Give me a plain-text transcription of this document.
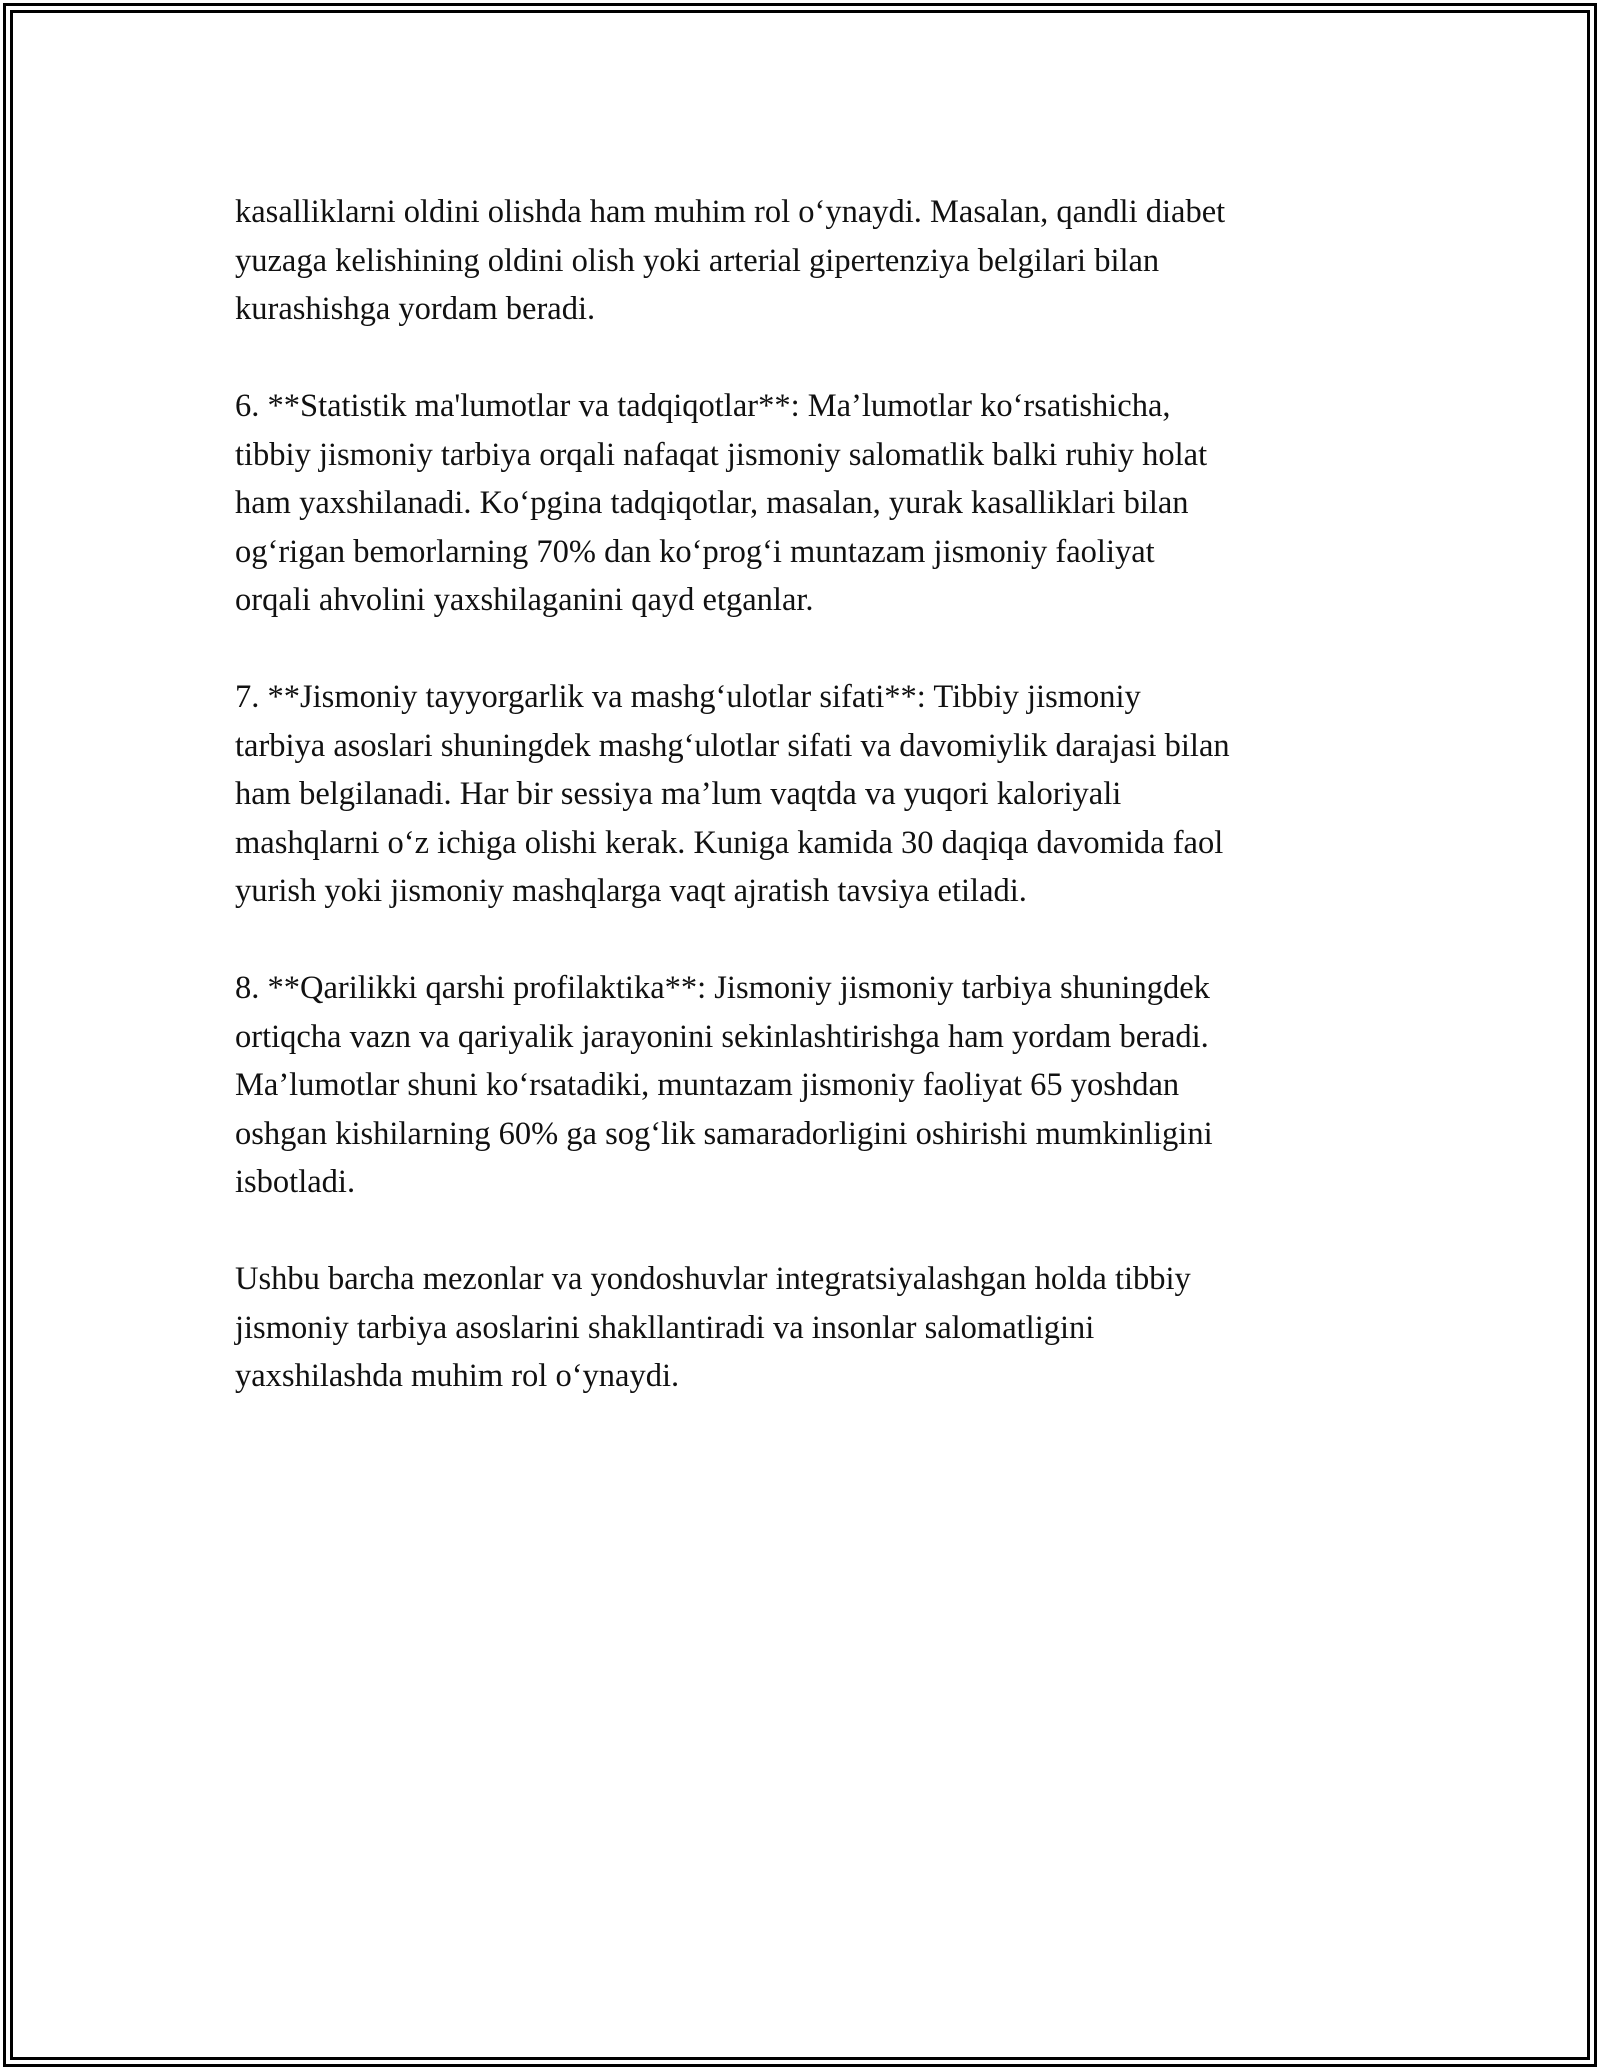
kasalliklarni oldini olishda ham muhim rol o‘ynaydi. Masalan, qandli diabet
yuzaga kelishining oldini olish yoki arterial gipertenziya belgilari bilan
kurashishga yordam beradi.

6. **Statistik ma'lumotlar va tadqiqotlar**: Ma’lumotlar ko‘rsatishicha,
tibbiy jismoniy tarbiya orqali nafaqat jismoniy salomatlik balki ruhiy holat
ham yaxshilanadi. Ko‘pgina tadqiqotlar, masalan, yurak kasalliklari bilan
og‘rigan bemorlarning 70% dan ko‘prog‘i muntazam jismoniy faoliyat
orqali ahvolini yaxshilaganini qayd etganlar.

7. **Jismoniy tayyorgarlik va mashg‘ulotlar sifati**: Tibbiy jismoniy
tarbiya asoslari shuningdek mashg‘ulotlar sifati va davomiylik darajasi bilan
ham belgilanadi. Har bir sessiya ma’lum vaqtda va yuqori kaloriyali
mashqlarni o‘z ichiga olishi kerak. Kuniga kamida 30 daqiqa davomida faol
yurish yoki jismoniy mashqlarga vaqt ajratish tavsiya etiladi.

8. **Qarilikki qarshi profilaktika**: Jismoniy jismoniy tarbiya shuningdek
ortiqcha vazn va qariyalik jarayonini sekinlashtirishga ham yordam beradi.
Ma’lumotlar shuni ko‘rsatadiki, muntazam jismoniy faoliyat 65 yoshdan
oshgan kishilarning 60% ga sog‘lik samaradorligini oshirishi mumkinligini
isbotladi.

Ushbu barcha mezonlar va yondoshuvlar integratsiyalashgan holda tibbiy
jismoniy tarbiya asoslarini shakllantiradi va insonlar salomatligini
yaxshilashda muhim rol o‘ynaydi.
